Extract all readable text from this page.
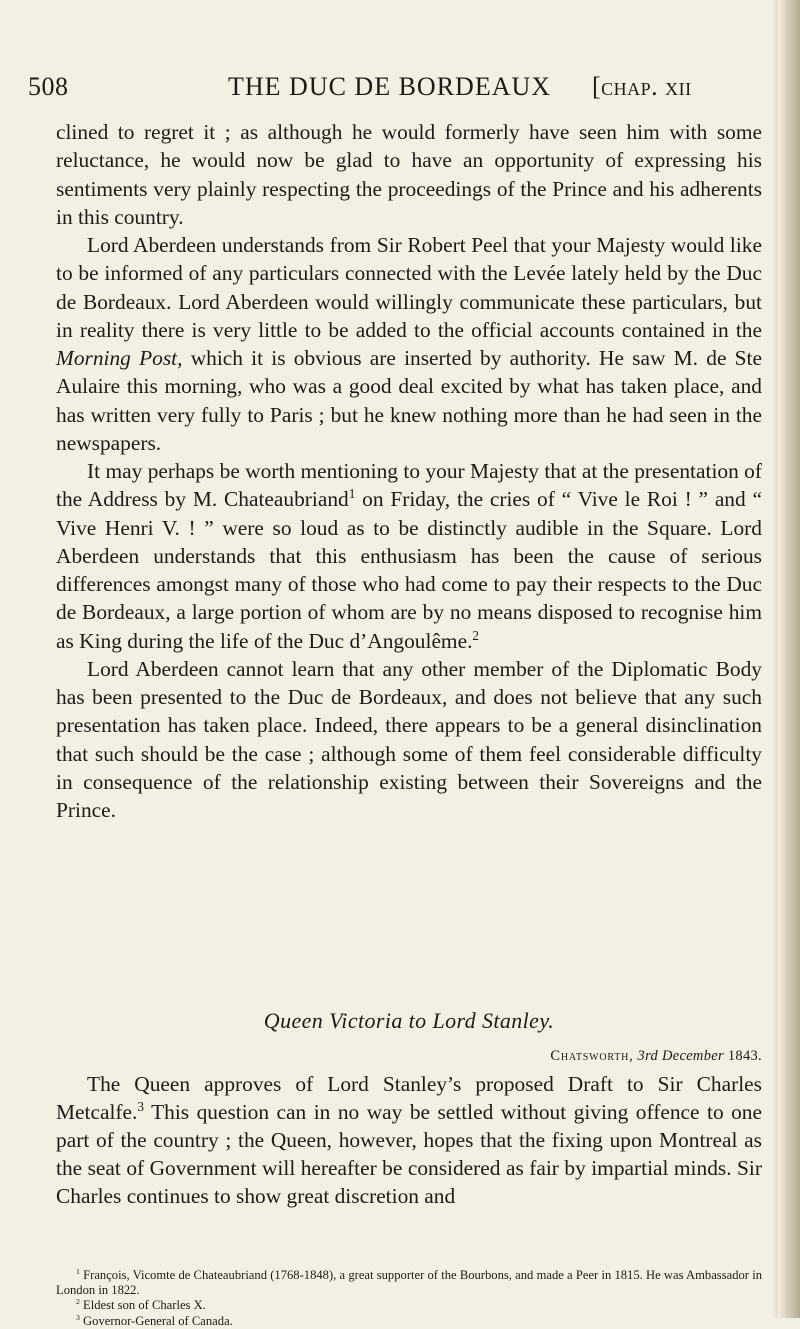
508	THE DUC DE BORDEAUX [chap. xii

clined to regret it ; as although he would formerly have seen him with some reluctance, he would now be glad to have an opportunity of expressing his sentiments very plainly respecting the proceedings of the Prince and his adherents in this country.

Lord Aberdeen understands from Sir Robert Peel that your Majesty would like to be informed of any particulars connected with the Levée lately held by the Duc de Bordeaux. Lord Aberdeen would willingly communicate these particulars, but in reality there is very little to be added to the official accounts contained in the Morning Post, which it is obvious are inserted by authority. He saw M. de Ste Aulaire this morning, who was a good deal excited by what has taken place, and has written very fully to Paris ; but he knew nothing more than he had seen in the newspapers.

It may perhaps be worth mentioning to your Majesty that at the presentation of the Address by M. Chateaubriand$^1$ on Friday, the cries of “ Vive le Roi ! ” and “ Vive Henri V. ! ” were so loud as to be distinctly audible in the Square. Lord Aberdeen understands that this enthusiasm has been the cause of serious differences amongst many of those who had come to pay their respects to the Duc de Bordeaux, a large portion of whom are by no means disposed to recognise him as King during the life of the Duc d’Angoulême.$^2$

Lord Aberdeen cannot learn that any other member of the Diplomatic Body has been presented to the Duc de Bordeaux, and does not believe that any such presentation has taken place. Indeed, there appears to be a general disinclination that such should be the case ; although some of them feel considerable difficulty in consequence of the relationship existing between their Sovereigns and the Prince.

Queen Victoria to Lord Stanley.
Chatsworth, 3rd December 1843.

The Queen approves of Lord Stanley’s proposed Draft to Sir Charles Metcalfe.$^3$ This question can in no way be settled without giving offence to one part of the country ; the Queen, however, hopes that the fixing upon Montreal as the seat of Government will hereafter be considered as fair by impartial minds. Sir Charles continues to show great discretion and

$^1$ François, Vicomte de Chateaubriand (1768-1848), a great supporter of the Bourbons, and made a Peer in 1815. He was Ambassador in London in 1822.

$^2$ Eldest son of Charles X.

$^3$ Governor-General of Canada.
